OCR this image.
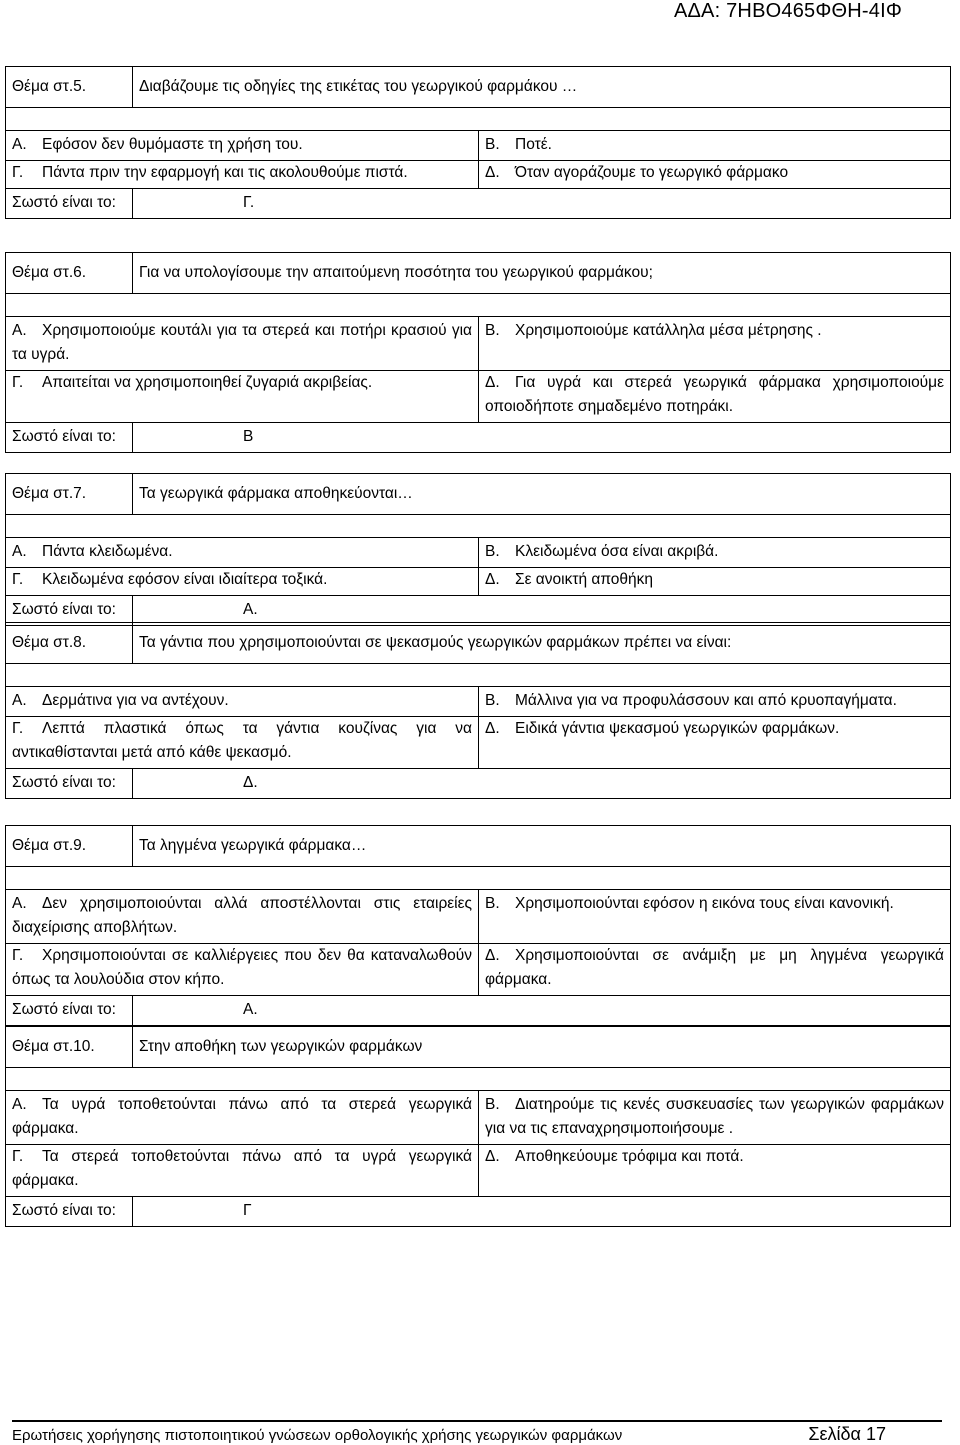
ΑΔΑ: 7ΗΒΟ465ΦΘΗ-4ΙΦ
Θέμα στ.5.	Διαβάζουμε τις οδηγίες της ετικέτας του γεωργικού φαρμάκου …	

Α. Εφόσον δεν θυμόμαστε τη χρήση του.		Β. Ποτέ.
Γ. Πάντα πριν την εφαρμογή και τις ακολουθούμε πιστά.		Δ. Όταν αγοράζουμε το γεωργικό φάρμακο
Σωστό είναι το:	Γ.	
Θέμα στ.6.	Για να υπολογίσουμε την απαιτούμενη ποσότητα του γεωργικού φαρμάκου;	

Α. Χρησιμοποιούμε κουτάλι για τα στερεά και ποτήρι κρασιού για τα υγρά.		Β. Χρησιμοποιούμε κατάλληλα μέσα μέτρησης .
Γ. Απαιτείται να χρησιμοποιηθεί ζυγαριά ακριβείας.		Δ. Για υγρά και στερεά γεωργικά φάρμακα χρησιμοποιούμε οποιοδήποτε σημαδεμένο ποτηράκι.
Σωστό είναι το:	Β	
Θέμα στ.7.	Τα γεωργικά φάρμακα αποθηκεύονται…	

Α. Πάντα κλειδωμένα.		Β. Κλειδωμένα όσα είναι ακριβά.
Γ. Κλειδωμένα εφόσον είναι ιδιαίτερα τοξικά.		Δ. Σε ανοικτή αποθήκη
Σωστό είναι το:	Α.	
Θέμα στ.8.	Τα γάντια που χρησιμοποιούνται σε ψεκασμούς γεωργικών φαρμάκων πρέπει να είναι:	

Α. Δερμάτινα για να αντέχουν.		Β. Μάλλινα για να προφυλάσσουν και από κρυοπαγήματα.
Γ. Λεπτά πλαστικά όπως τα γάντια κουζίνας για να αντικαθίστανται μετά από κάθε ψεκασμό.		Δ. Ειδικά γάντια ψεκασμού γεωργικών φαρμάκων.
Σωστό είναι το:	Δ.	
Θέμα στ.9.	Τα ληγμένα γεωργικά φάρμακα…	

Α. Δεν χρησιμοποιούνται αλλά αποστέλλονται στις εταιρείες διαχείρισης αποβλήτων.		Β. Χρησιμοποιούνται εφόσον η εικόνα τους είναι κανονική.
Γ. Χρησιμοποιούνται σε καλλιέργειες που δεν θα καταναλωθούν όπως τα λουλούδια στον κήπο.		Δ. Χρησιμοποιούνται σε ανάμιξη με μη ληγμένα γεωργικά φάρμακα.
Σωστό είναι το:	Α.	
Θέμα στ.10.	Στην αποθήκη των γεωργικών φαρμάκων	

Α. Τα υγρά τοποθετούνται πάνω από τα στερεά γεωργικά φάρμακα.		Β. Διατηρούμε τις κενές συσκευασίες των γεωργικών φαρμάκων για να τις επαναχρησιμοποιήσουμε .
Γ. Τα στερεά τοποθετούνται πάνω από τα υγρά γεωργικά φάρμακα.		Δ. Αποθηκεύουμε τρόφιμα και ποτά.
Σωστό είναι το:	Γ	
Ερωτήσεις χορήγησης πιστοποιητικού γνώσεων ορθολογικής χρήσης γεωργικών φαρμάκων	Σελίδα 17
